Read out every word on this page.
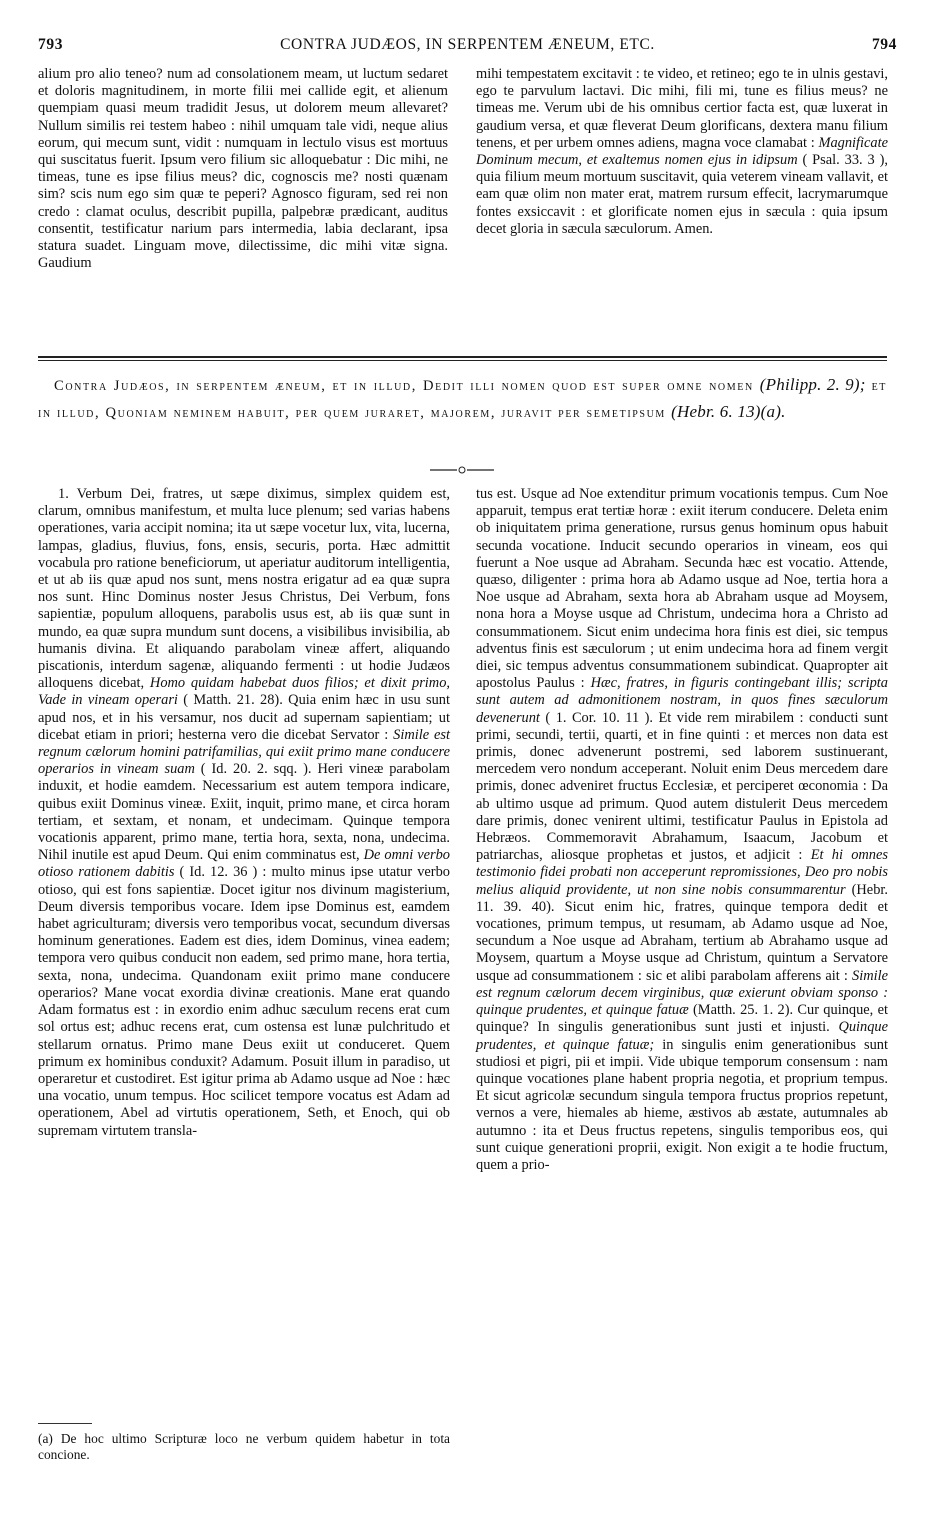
793	CONTRA JUDÆOS, IN SERPENTEM ÆNEUM, ETC.	794

alium pro alio teneo? num ad consolationem meam, ut luctum sedaret et doloris magnitudinem, in morte filii mei callide egit, et alienum quempiam quasi meum tradidit Jesus, ut dolorem meum allevaret? Nullum similis rei testem habeo : nihil umquam tale vidi, neque alius eorum, qui mecum sunt, vidit : numquam in lectulo visus est mortuus qui suscitatus fuerit. Ipsum vero filium sic alloquebatur : Dic mihi, ne timeas, tune es ipse filius meus? dic, cognoscis me? nosti quænam sim? scis num ego sim quæ te peperi? Agnosco figuram, sed rei non credo : clamat oculus, describit pupilla, palpebræ prædicant, auditus consentit, testificatur narium pars intermedia, labia declarant, ipsa statura suadet. Linguam move, dilectissime, dic mihi vitæ signa. Gaudium

mihi tempestatem excitavit : te video, et retineo; ego te in ulnis gestavi, ego te parvulum lactavi. Dic mihi, fili mi, tune es filius meus? ne timeas me. Verum ubi de his omnibus certior facta est, quæ luxerat in gaudium versa, et quæ fleverat Deum glorificans, dextera manu filium tenens, et per urbem omnes adiens, magna voce clamabat : Magnificate Dominum mecum, et exaltemus nomen ejus in idipsum ( Psal. 33. 3 ), quia filium meum mortuum suscitavit, quia veterem vineam vallavit, et eam quæ olim non mater erat, matrem rursum effecit, lacrymarumque fontes exsiccavit : et glorificate nomen ejus in sæcula : quia ipsum decet gloria in sæcula sæculorum. Amen.

Contra Judæos, in serpentem æneum, et in illud, Dedit illi nomen quod est super omne nomen (Philipp. 2. 9); et in illud, Quoniam neminem habuit, per quem juraret, majorem, juravit per semetipsum (Hebr. 6. 13)(a).

1. Verbum Dei, fratres, ut sæpe diximus, simplex quidem est, clarum, omnibus manifestum, et multa luce plenum; sed varias habens operationes, varia accipit nomina; ita ut sæpe vocetur lux, vita, lucerna, lampas, gladius, fluvius, fons, ensis, securis, porta. Hæc admittit vocabula pro ratione beneficiorum, ut aperiatur auditorum intelligentia, et ut ab iis quæ apud nos sunt, mens nostra erigatur ad ea quæ supra nos sunt. Hinc Dominus noster Jesus Christus, Dei Verbum, fons sapientiæ, populum alloquens, parabolis usus est, ab iis quæ sunt in mundo, ea quæ supra mundum sunt docens, a visibilibus invisibilia, ab humanis divina. Et aliquando parabolam vineæ affert, aliquando piscationis, interdum sagenæ, aliquando fermenti : ut hodie Judæos alloquens dicebat, Homo quidam habebat duos filios; et dixit primo, Vade in vineam operari ( Matth. 21. 28). Quia enim hæc in usu sunt apud nos, et in his versamur, nos ducit ad supernam sapientiam; ut dicebat etiam in priori; hesterna vero die dicebat Servator : Simile est regnum cælorum homini patrifamilias, qui exiit primo mane conducere operarios in vineam suam ( Id. 20. 2. sqq. ). Heri vineæ parabolam induxit, et hodie eamdem. Necessarium est autem tempora indicare, quibus exiit Dominus vineæ. Exiit, inquit, primo mane, et circa horam tertiam, et sextam, et nonam, et undecimam. Quinque tempora vocationis apparent, primo mane, tertia hora, sexta, nona, undecima. Nihil inutile est apud Deum. Qui enim comminatus est, De omni verbo otioso rationem dabitis ( Id. 12. 36 ) : multo minus ipse utatur verbo otioso, qui est fons sapientiæ. Docet igitur nos divinum magisterium, Deum diversis temporibus vocare. Idem ipse Dominus est, eamdem habet agriculturam; diversis vero temporibus vocat, secundum diversas hominum generationes. Eadem est dies, idem Dominus, vinea eadem; tempora vero quibus conducit non eadem, sed primo mane, hora tertia, sexta, nona, undecima. Quandonam exiit primo mane conducere operarios? Mane vocat exordia divinæ creationis. Mane erat quando Adam formatus est : in exordio enim adhuc sæculum recens erat cum sol ortus est; adhuc recens erat, cum ostensa est lunæ pulchritudo et stellarum ornatus. Primo mane Deus exiit ut conduceret. Quem primum ex hominibus conduxit? Adamum. Posuit illum in paradiso, ut operaretur et custodiret. Est igitur prima ab Adamo usque ad Noe : hæc una vocatio, unum tempus. Hoc scilicet tempore vocatus est Adam ad operationem, Abel ad virtutis operationem, Seth, et Enoch, qui ob supremam virtutem transla-

(a) De hoc ultimo Scripturæ loco ne verbum quidem habetur in tota concione.

tus est. Usque ad Noe extenditur primum vocationis tempus. Cum Noe apparuit, tempus erat tertiæ horæ : exiit iterum conducere. Deleta enim ob iniquitatem prima generatione, rursus genus hominum opus habuit secunda vocatione. Inducit secundo operarios in vineam, eos qui fuerunt a Noe usque ad Abraham. Secunda hæc est vocatio. Attende, quæso, diligenter : prima hora ab Adamo usque ad Noe, tertia hora a Noe usque ad Abraham, sexta hora ab Abraham usque ad Moysem, nona hora a Moyse usque ad Christum, undecima hora a Christo ad consummationem. Sicut enim undecima hora finis est diei, sic tempus adventus finis est sæculorum ; ut enim undecima hora ad finem vergit diei, sic tempus adventus consummationem subindicat. Quapropter ait apostolus Paulus : Hæc, fratres, in figuris contingebant illis; scripta sunt autem ad admonitionem nostram, in quos fines sæculorum devenerunt ( 1. Cor. 10. 11 ). Et vide rem mirabilem : conducti sunt primi, secundi, tertii, quarti, et in fine quinti : et merces non data est primis, donec advenerunt postremi, sed laborem sustinuerant, mercedem vero nondum acceperant. Noluit enim Deus mercedem dare primis, donec adveniret fructus Ecclesiæ, et perciperet œconomia : Da ab ultimo usque ad primum. Quod autem distulerit Deus mercedem dare primis, donec venirent ultimi, testificatur Paulus in Epistola ad Hebræos. Commemoravit Abrahamum, Isaacum, Jacobum et patriarchas, aliosque prophetas et justos, et adjicit : Et hi omnes testimonio fidei probati non acceperunt repromissiones, Deo pro nobis melius aliquid providente, ut non sine nobis consummarentur (Hebr. 11. 39. 40). Sicut enim hic, fratres, quinque tempora dedit et vocationes, primum tempus, ut resumam, ab Adamo usque ad Noe, secundum a Noe usque ad Abraham, tertium ab Abrahamo usque ad Moysem, quartum a Moyse usque ad Christum, quintum a Servatore usque ad consummationem : sic et alibi parabolam afferens ait : Simile est regnum cælorum decem virginibus, quæ exierunt obviam sponso : quinque prudentes, et quinque fatuæ (Matth. 25. 1. 2). Cur quinque, et quinque? In singulis generationibus sunt justi et injusti. Quinque prudentes, et quinque fatuæ; in singulis enim generationibus sunt studiosi et pigri, pii et impii. Vide ubique temporum consensum : nam quinque vocationes plane habent propria negotia, et proprium tempus. Et sicut agricolæ secundum singula tempora fructus proprios repetunt, vernos a vere, hiemales ab hieme, æstivos ab æstate, autumnales ab autumno : ita et Deus fructus repetens, singulis temporibus eos, qui sunt cuique generationi proprii, exigit. Non exigit a te hodie fructum, quem a prio-
